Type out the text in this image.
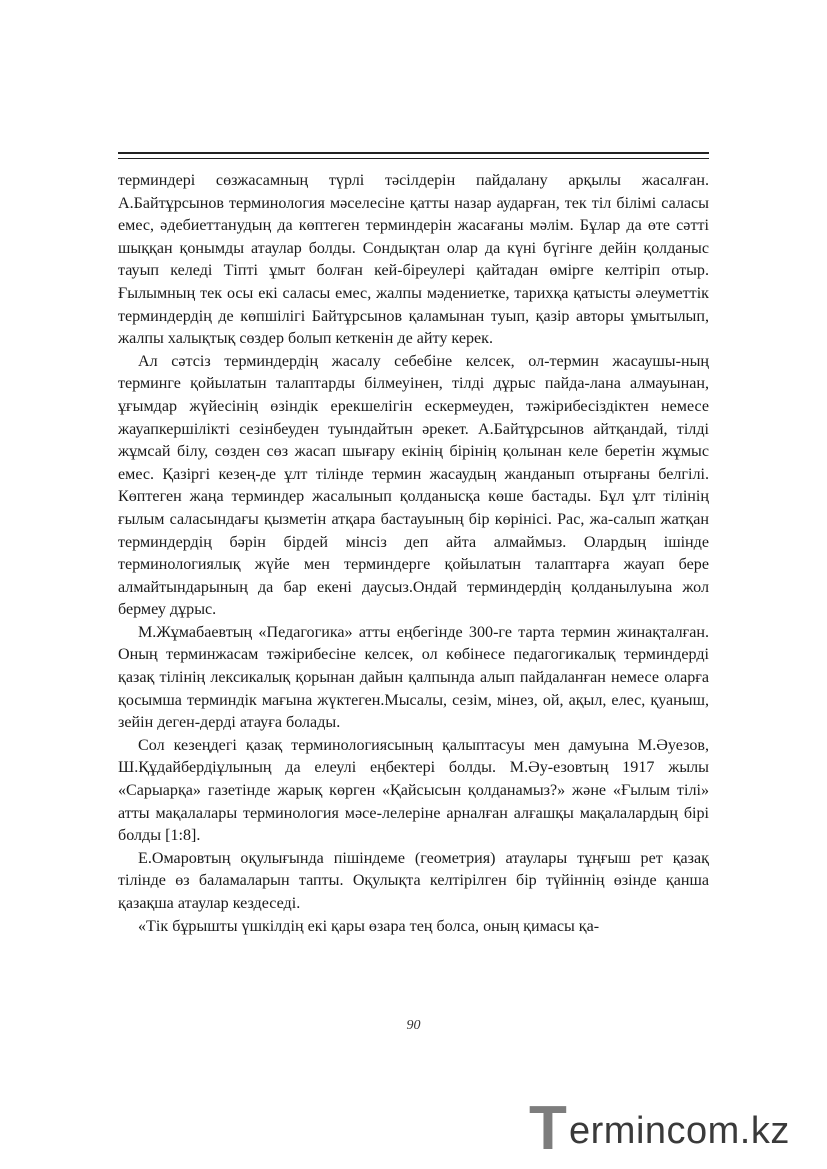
терминдері сөзжасамның түрлі тәсілдерін пайдалану арқылы жасалған. А.Байтұрсынов терминология мәселесіне қатты назар аударған, тек тіл білімі саласы емес, әдебиеттанудың да көптеген терминдерін жасағаны мәлім. Бұлар да өте сәтті шыққан қонымды атаулар болды. Сондықтан олар да күні бүгінге дейін қолданыс тауып келеді Тіпті ұмыт болған кей-біреулері қайтадан өмірге келтіріп отыр. Ғылымның тек осы екі саласы емес, жалпы мәдениетке, тарихқа қатысты әлеуметтік терминдердің де көпшілігі Байтұрсынов қаламынан туып, қазір авторы ұмытылып, жалпы халықтық сөздер болып кеткенін де айту керек.

Ал сәтсіз терминдердің жасалу себебіне келсек, ол-термин жасаушы-ның терминге қойылатын талаптарды білмеуінен, тілді дұрыс пайда-лана алмауынан, ұғымдар жүйесінің өзіндік ерекшелігін ескермеуден, тәжірибесіздіктен немесе жауапкершілікті сезінбеуден туындайтын әрекет. А.Байтұрсынов айтқандай, тілді жұмсай білу, сөзден сөз жасап шығару екінің бірінің қолынан келе беретін жұмыс емес. Қазіргі кезең-де ұлт тілінде термин жасаудың жанданып отырғаны белгілі. Көптеген жаңа терминдер жасалынып қолданысқа көше бастады. Бұл ұлт тілінің ғылым саласындағы қызметін атқара бастауының бір көрінісі. Рас, жа-салып жатқан терминдердің бәрін бірдей мінсіз деп айта алмаймыз. Олардың ішінде терминологиялық жүйе мен терминдерге қойылатын талаптарға жауап бере алмайтындарының да бар екені даусыз.Ондай терминдердің қолданылуына жол бермеу дұрыс.

М.Жұмабаевтың «Педагогика» атты еңбегінде 300-ге тарта термин жинақталған. Оның терминжасам тәжірибесіне келсек, ол көбінесе педагогикалық терминдерді қазақ тілінің лексикалық қорынан дайын қалпында алып пайдаланған немесе оларға қосымша терминдік мағына жүктеген.Мысалы, сезім, мінез, ой, ақыл, елес, қуаныш, зейін деген-дерді атауға болады.

Сол кезеңдегі қазақ терминологиясының қалыптасуы мен дамуына М.Әуезов, Ш.Құдайбердіұлының да елеулі еңбектері болды. М.Әу-езовтың 1917 жылы «Сарыарқа» газетінде жарық көрген «Қайсысын қолданамыз?» және «Ғылым тілі» атты мақалалары терминология мәсе-лелеріне арналған алғашқы мақалалардың бірі болды [1:8].

Е.Омаровтың оқулығында пішіндеме (геометрия) атаулары тұңғыш рет қазақ тілінде өз баламаларын тапты. Оқулықта келтірілген бір түйіннің өзінде қанша қазақша атаулар кездеседі.

«Тік бұрышты үшкілдің екі қары өзара тең болса, оның қимасы қа-

90
T ermincom.kz
